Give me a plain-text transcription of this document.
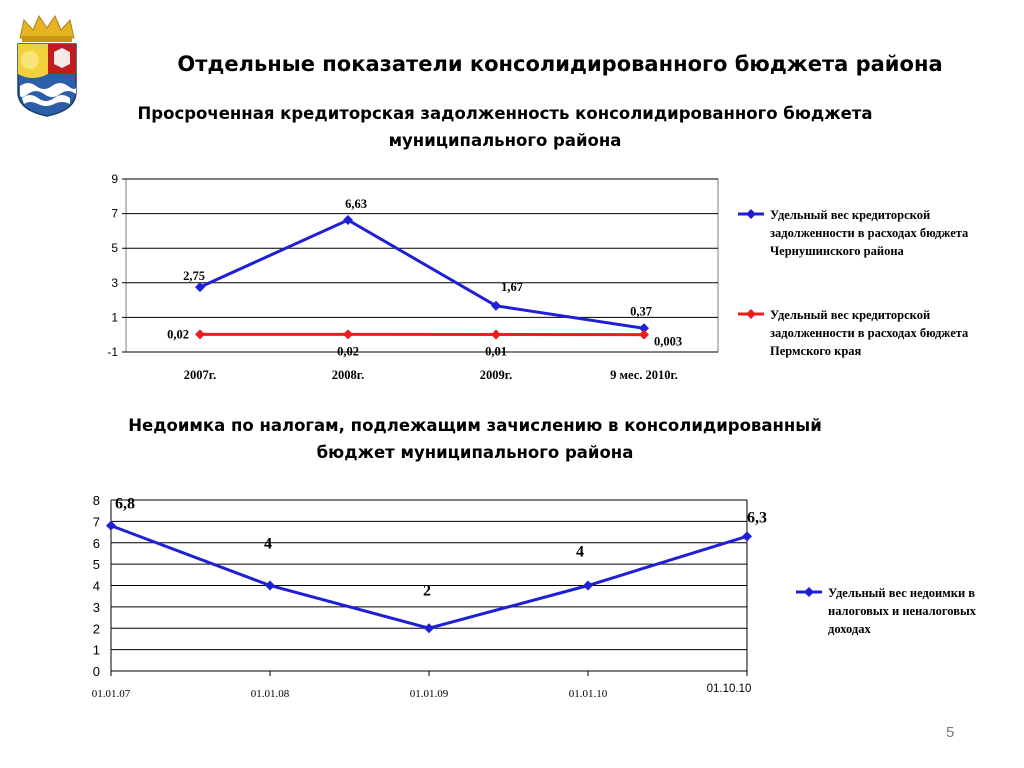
Отдельные показатели консолидированного бюджета района
Просроченная кредиторская задолженность консолидированного бюджета
муниципального района
9
7
5
3
1
-1
2007г.	2008г.	2009г.	9 мес. 2010г.
2,75
6,63
1,67
0,37
0,02
0,02	0,01
0,003
Удельный вес кредиторской задолженности в расходах бюджета Чернушинского района
Удельный вес кредиторской задолженности в расходах бюджета Пермского края
Недоимка по налогам, подлежащим зачислению в консолидированный
бюджет муниципального района
8
7
6
5
4
3
2
1
0
01.01.07	01.01.08	01.01.09	01.01.10	01.10.10
6,8
4
2
4
6,3
Удельный вес недоимки в налоговых и неналоговых доходах
5
